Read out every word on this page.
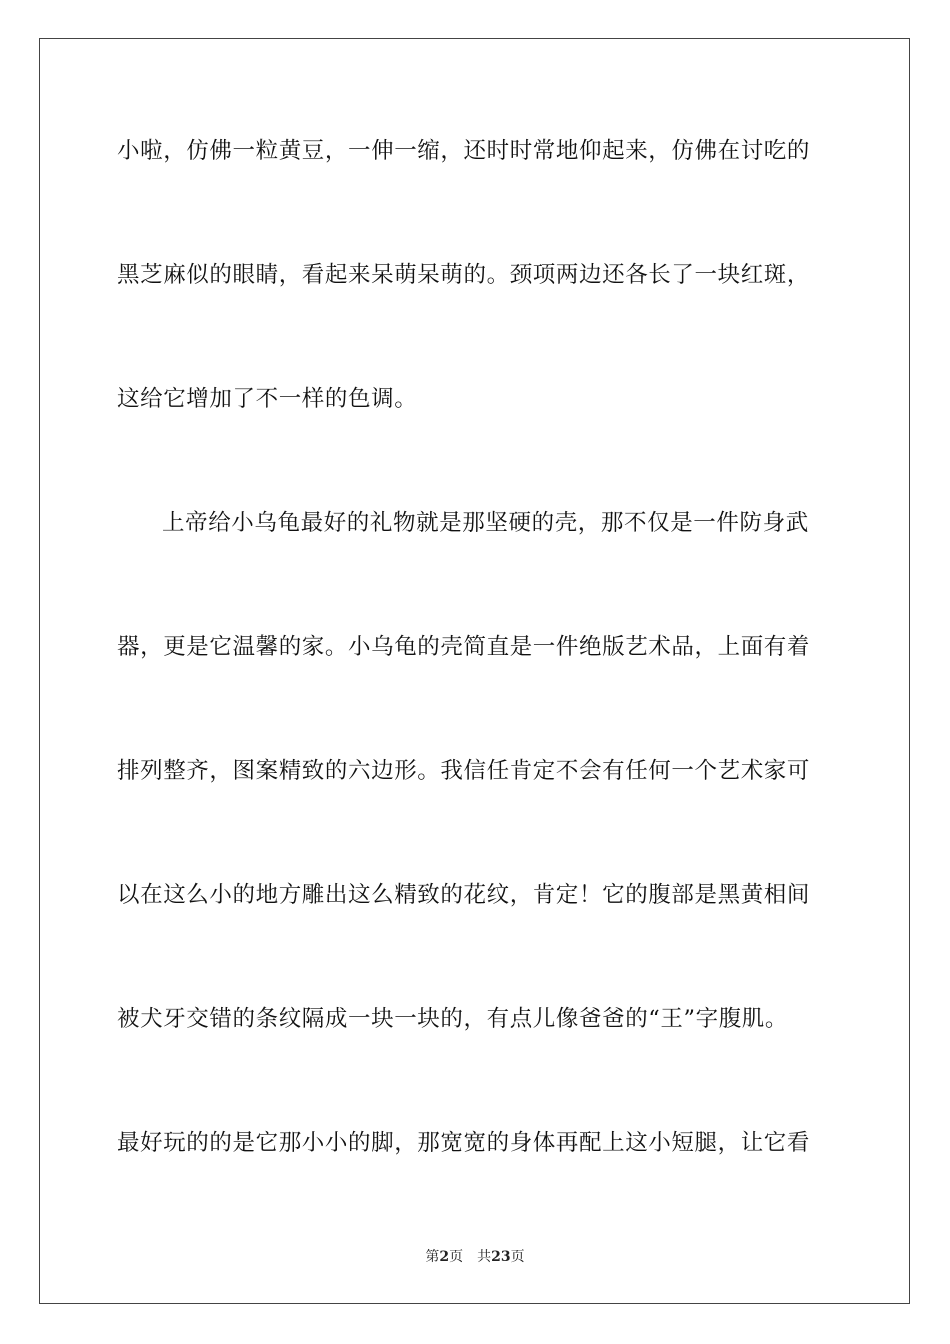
小啦，仿佛一粒黄豆，一伸一缩，还时时常地仰起来，仿佛在讨吃的
黑芝麻似的眼睛，看起来呆萌呆萌的。颈项两边还各长了一块红斑，
这给它增加了不一样的色调。
上帝给小乌龟最好的礼物就是那坚硬的壳，那不仅是一件防身武
器，更是它温馨的家。小乌龟的壳简直是一件绝版艺术品，上面有着
排列整齐，图案精致的六边形。我信任肯定不会有任何一个艺术家可
以在这么小的地方雕出这么精致的花纹，肯定！它的腹部是黑黄相间
被犬牙交错的条纹隔成一块一块的，有点儿像爸爸的“王”字腹肌。
最好玩的的是它那小小的脚，那宽宽的身体再配上这小短腿，让它看
第2页 共23页
